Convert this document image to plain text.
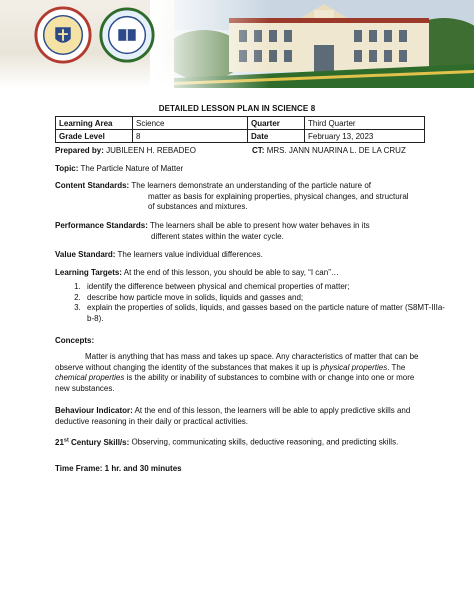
DETAILED LESSON PLAN IN SCIENCE 8
Learning Area	Science	Quarter	Third Quarter
Grade Level	8	Date	February 13, 2023
Prepared by: JUBILEEN H. REBADEO	CT: MRS. JANN NUARINA L. DE LA CRUZ
Topic: The Particle Nature of Matter
Content Standards: The learners demonstrate an understanding of the particle nature of
matter as basis for explaining properties, physical changes, and structural
of substances and mixtures.
Performance Standards: The learners shall be able to present how water behaves in its
different states within the water cycle.
Value Standard: The learners value individual differences.
Learning Targets: At the end of this lesson, you should be able to say, “I can”…
1. identify the difference between physical and chemical properties of matter;
2. describe how particle move in solids, liquids and gasses and;
3. explain the properties of solids, liquids, and gasses based on the particle nature of matter (S8MT-IIIa-b-8).
Concepts:
Matter is anything that has mass and takes up space. Any characteristics of matter that can be observe without changing the identity of the substances that makes it up is physical properties. The chemical properties is the ability or inability of substances to combine with or change into one or more new substances.
Behaviour Indicator: At the end of this lesson, the learners will be able to apply predictive skills and deductive reasoning in their daily or practical activities.
21st Century Skill/s: Observing, communicating skills, deductive reasoning, and predicting skills.
Time Frame: 1 hr. and 30 minutes
